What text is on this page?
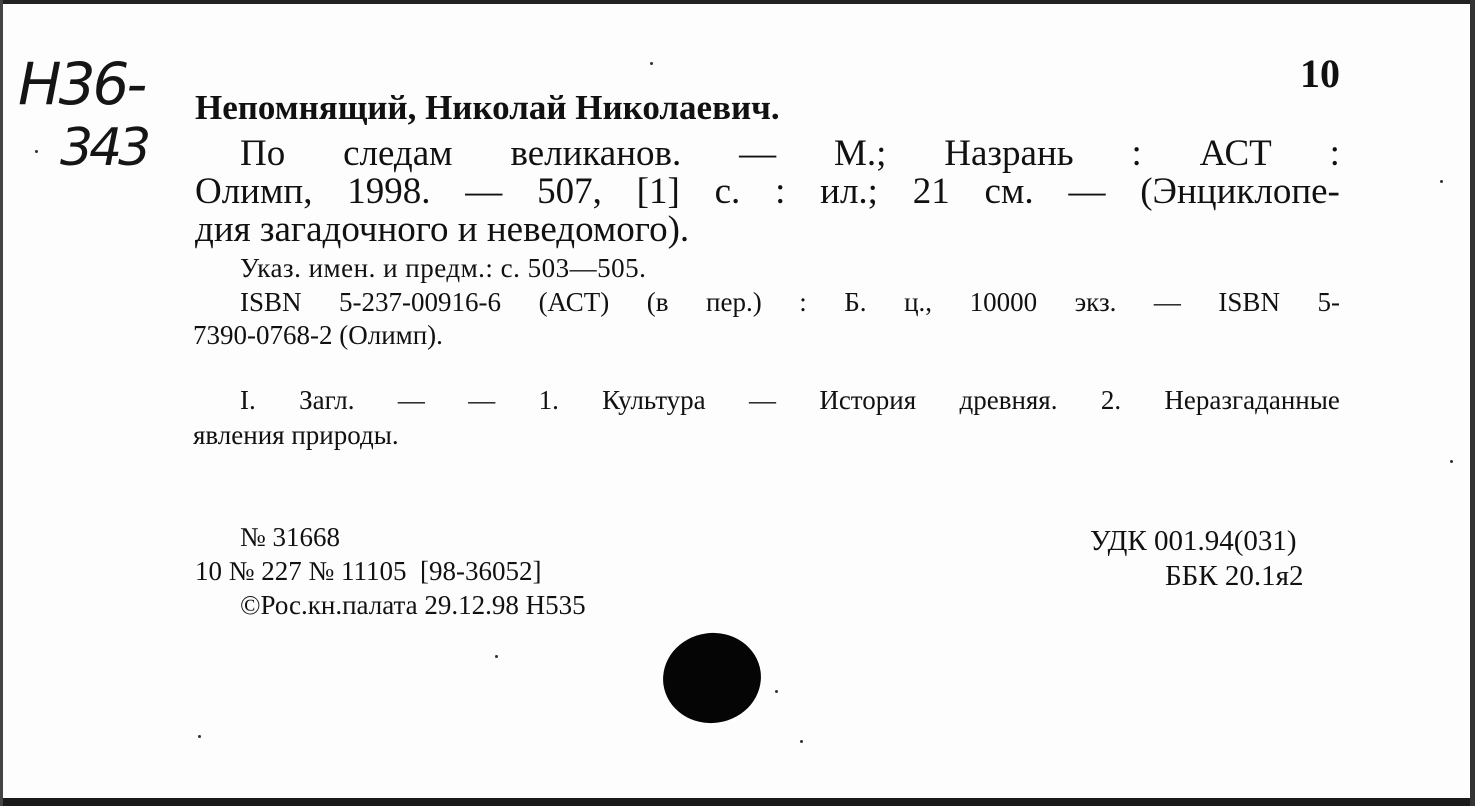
Н36-
343
10
Непомнящий, Николай Николаевич.
По следам великанов. — М.; Назрань : АСТ :
Олимп, 1998. — 507, [1] с. : ил.; 21 см. — (Энциклопе-
дия загадочного и неведомого).
Указ. имен. и предм.: с. 503—505.
ISBN 5-237-00916-6 (АСТ) (в пер.) : Б. ц., 10000 экз. — ISBN 5-
7390-0768-2 (Олимп).
I. Загл. — — 1. Культура — История древняя. 2. Неразгаданные
явления природы.
№ 31668
10 № 227 № 11105  [98-36052]
©Рос.кн.палата 29.12.98 Н535
УДК 001.94(031)
ББК 20.1я2
